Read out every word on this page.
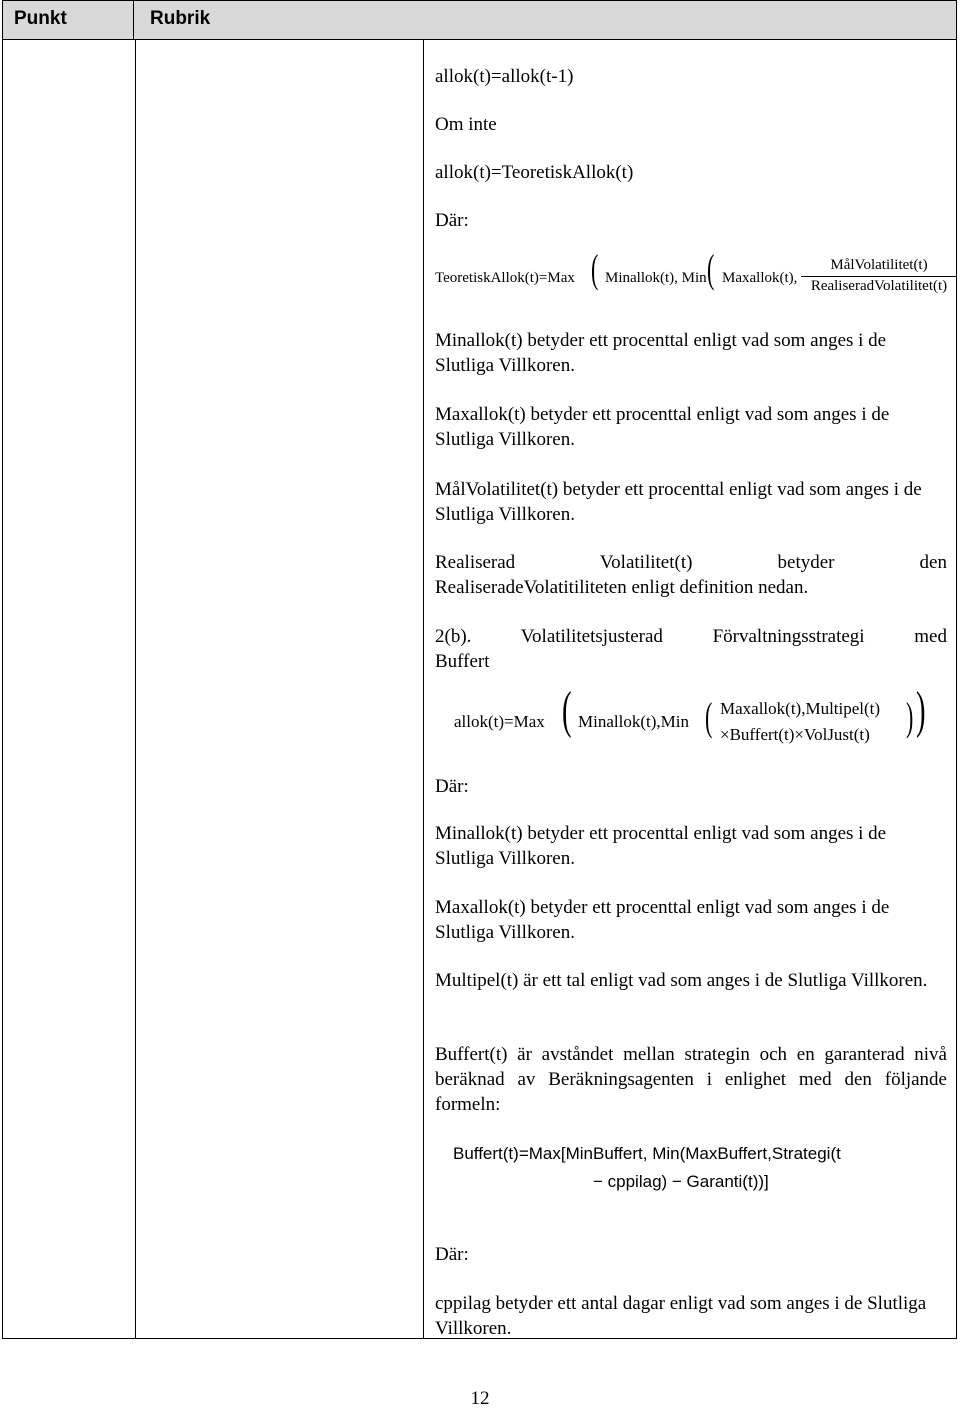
Punkt	Rubrik

allok(t)=allok(t-1)

Om inte

allok(t)=TeoretiskAllok(t)

Där:

TeoretiskAllok(t)=Max ( Minallok(t), Min ( Maxallok(t),
MålVolatilitet(t)
RealiseradVolatilitet(t)

Minallok(t) betyder ett procenttal enligt vad som anges i de Slutliga Villkoren.

Maxallok(t) betyder ett procenttal enligt vad som anges i de Slutliga Villkoren.

MålVolatilitet(t) betyder ett procenttal enligt vad som anges i de Slutliga Villkoren.

Realiserad Volatilitet(t) betyder den

RealiseradeVolatitiliteten enligt definition nedan.

2(b). Volatilitetsjusterad Förvaltningsstrategi med

Buffert

allok(t)=Max ( Minallok(t),Min ( Maxallok(t),Multipel(t)
×Buffert(t)×VolJust(t) ) )

Där:

Minallok(t) betyder ett procenttal enligt vad som anges i de Slutliga Villkoren.

Maxallok(t) betyder ett procenttal enligt vad som anges i de Slutliga Villkoren.

Multipel(t) är ett tal enligt vad som anges i de Slutliga Villkoren.

Buffert(t) är avståndet mellan strategin och en garanterad nivå beräknad av Beräkningsagenten i enlighet med den följande formeln:

Buffert(t)=Max[MinBuffert, Min(MaxBuffert,Strategi(t
− cppilag) − Garanti(t))]

Där:

cppilag betyder ett antal dagar enligt vad som anges i de Slutliga Villkoren.

12
